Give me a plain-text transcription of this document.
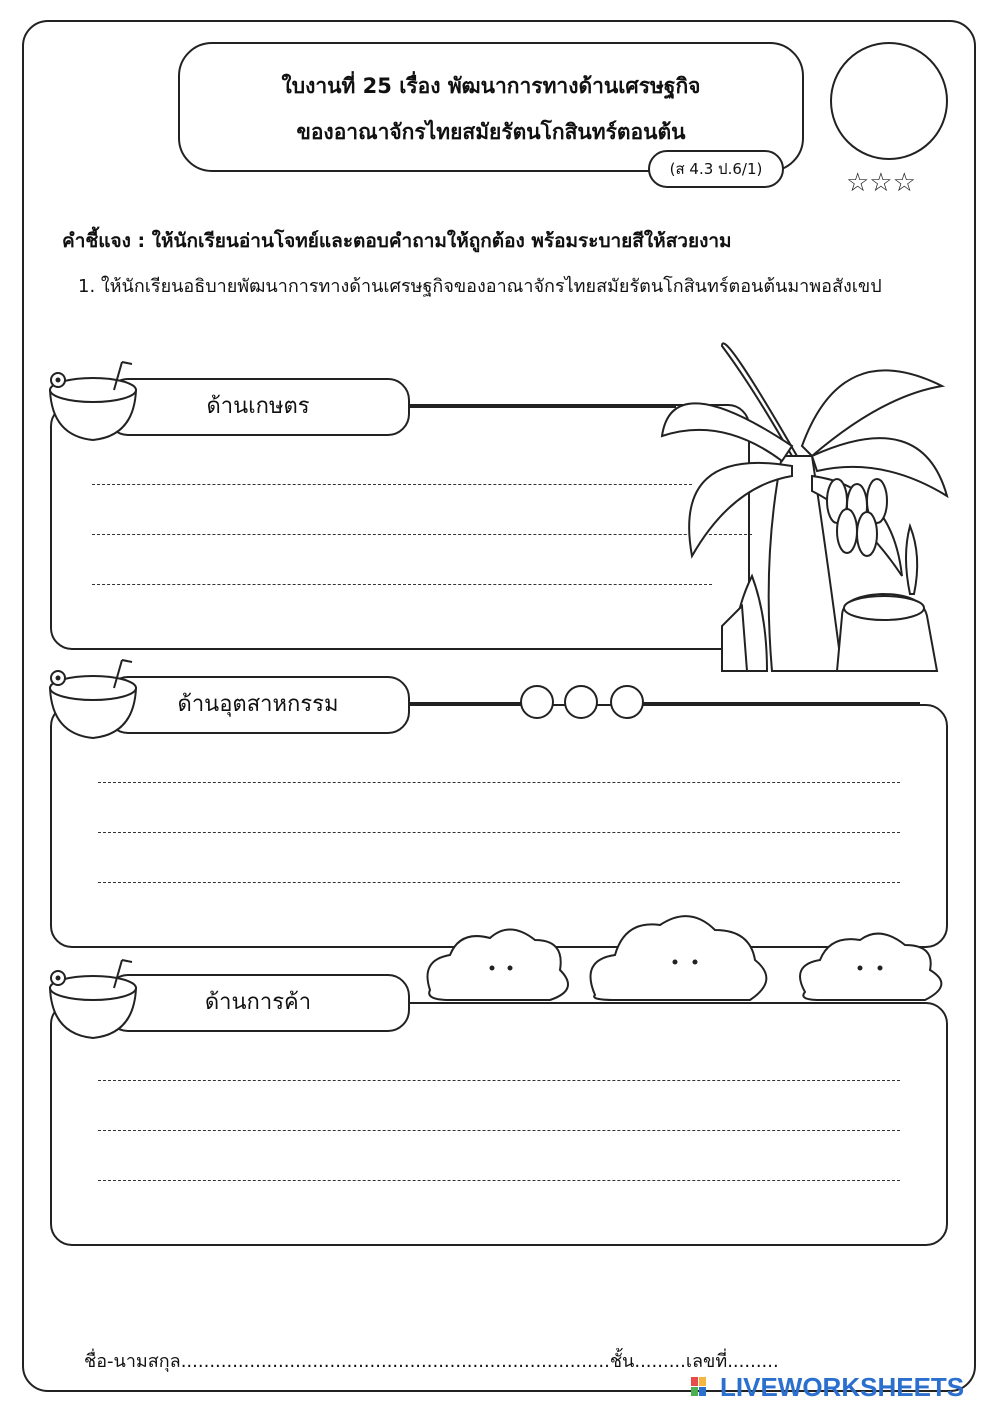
ใบงานที่ 25 เรื่อง พัฒนาการทางด้านเศรษฐกิจ
ของอาณาจักรไทยสมัยรัตนโกสินทร์ตอนต้น
(ส 4.3 ป.6/1)	☆☆☆
คำชี้แจง : ให้นักเรียนอ่านโจทย์และตอบคำถามให้ถูกต้อง พร้อมระบายสีให้สวยงาม
1. ให้นักเรียนอธิบายพัฒนาการทางด้านเศรษฐกิจของอาณาจักรไทยสมัยรัตนโกสินทร์ตอนต้นมาพอสังเขป
ด้านเกษตร
ด้านอุตสาหกรรม
ด้านการค้า
ชื่อ-นามสกุล...........................................................................ชั้น.........เลขที่.........
LIVEWORKSHEETS
